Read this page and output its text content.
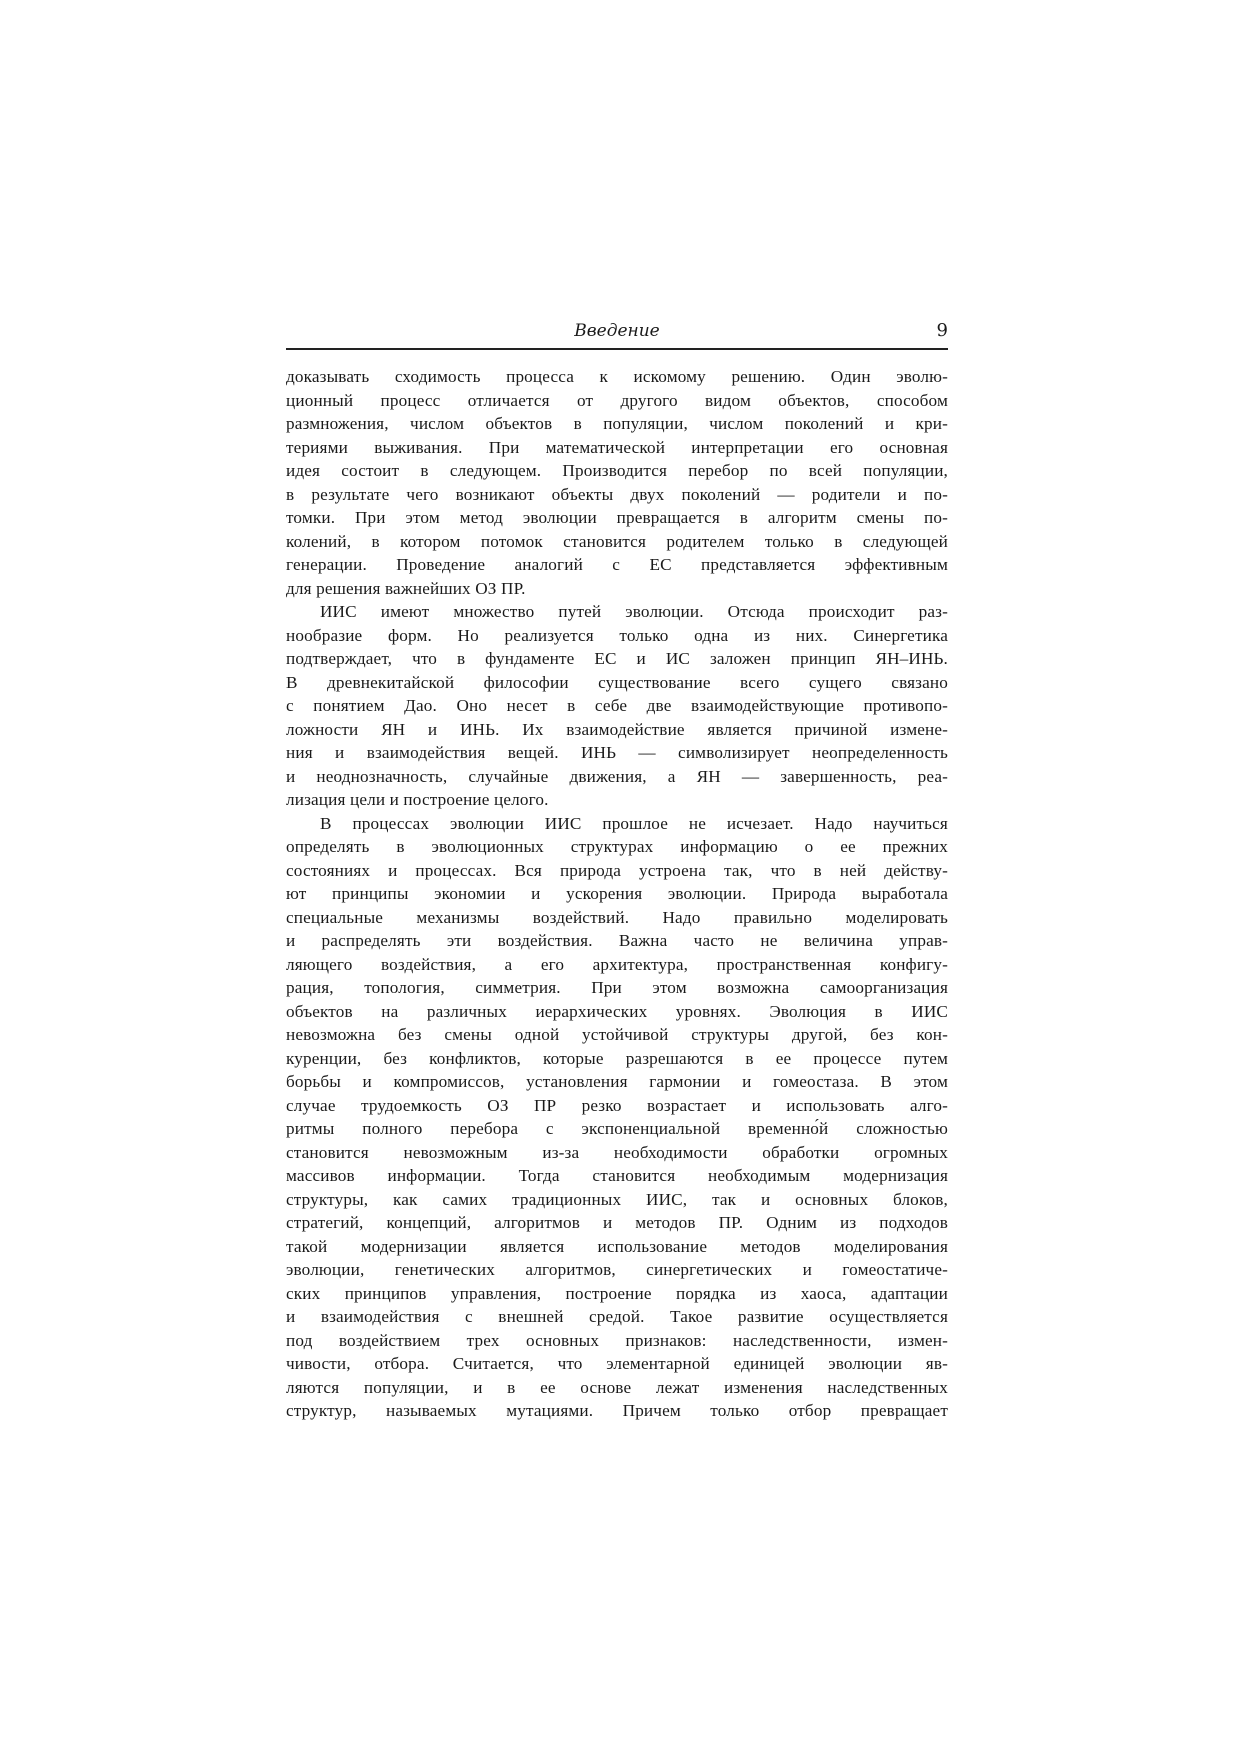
Введение	9
доказывать сходимость процесса к искомому решению. Один эволю-
ционный процесс отличается от другого видом объектов, способом
размножения, числом объектов в популяции, числом поколений и кри-
териями выживания. При математической интерпретации его основная
идея состоит в следующем. Производится перебор по всей популяции,
в результате чего возникают объекты двух поколений — родители и по-
томки. При этом метод эволюции превращается в алгоритм смены по-
колений, в котором потомок становится родителем только в следующей
генерации. Проведение аналогий с ЕС представляется эффективным
для решения важнейших ОЗ ПР.
ИИС имеют множество путей эволюции. Отсюда происходит раз-
нообразие форм. Но реализуется только одна из них. Синергетика
подтверждает, что в фундаменте ЕС и ИС заложен принцип ЯН–ИНЬ.
В древнекитайской философии существование всего сущего связано
с понятием Дао. Оно несет в себе две взаимодействующие противопо-
ложности ЯН и ИНЬ. Их взаимодействие является причиной измене-
ния и взаимодействия вещей. ИНЬ — символизирует неопределенность
и неоднозначность, случайные движения, а ЯН — завершенность, реа-
лизация цели и построение целого.
В процессах эволюции ИИС прошлое не исчезает. Надо научиться
определять в эволюционных структурах информацию о ее прежних
состояниях и процессах. Вся природа устроена так, что в ней действу-
ют принципы экономии и ускорения эволюции. Природа выработала
специальные механизмы воздействий. Надо правильно моделировать
и распределять эти воздействия. Важна часто не величина управ-
ляющего воздействия, а его архитектура, пространственная конфигу-
рация, топология, симметрия. При этом возможна самоорганизация
объектов на различных иерархических уровнях. Эволюция в ИИС
невозможна без смены одной устойчивой структуры другой, без кон-
куренции, без конфликтов, которые разрешаются в ее процессе путем
борьбы и компромиссов, установления гармонии и гомеостаза. В этом
случае трудоемкость ОЗ ПР резко возрастает и использовать алго-
ритмы полного перебора с экспоненциальной временно́й сложностью
становится невозможным из-за необходимости обработки огромных
массивов информации. Тогда становится необходимым модернизация
структуры, как самих традиционных ИИС, так и основных блоков,
стратегий, концепций, алгоритмов и методов ПР. Одним из подходов
такой модернизации является использование методов моделирования
эволюции, генетических алгоритмов, синергетических и гомеостатиче-
ских принципов управления, построение порядка из хаоса, адаптации
и взаимодействия с внешней средой. Такое развитие осуществляется
под воздействием трех основных признаков: наследственности, измен-
чивости, отбора. Считается, что элементарной единицей эволюции яв-
ляются популяции, и в ее основе лежат изменения наследственных
структур, называемых мутациями. Причем только отбор превращает
